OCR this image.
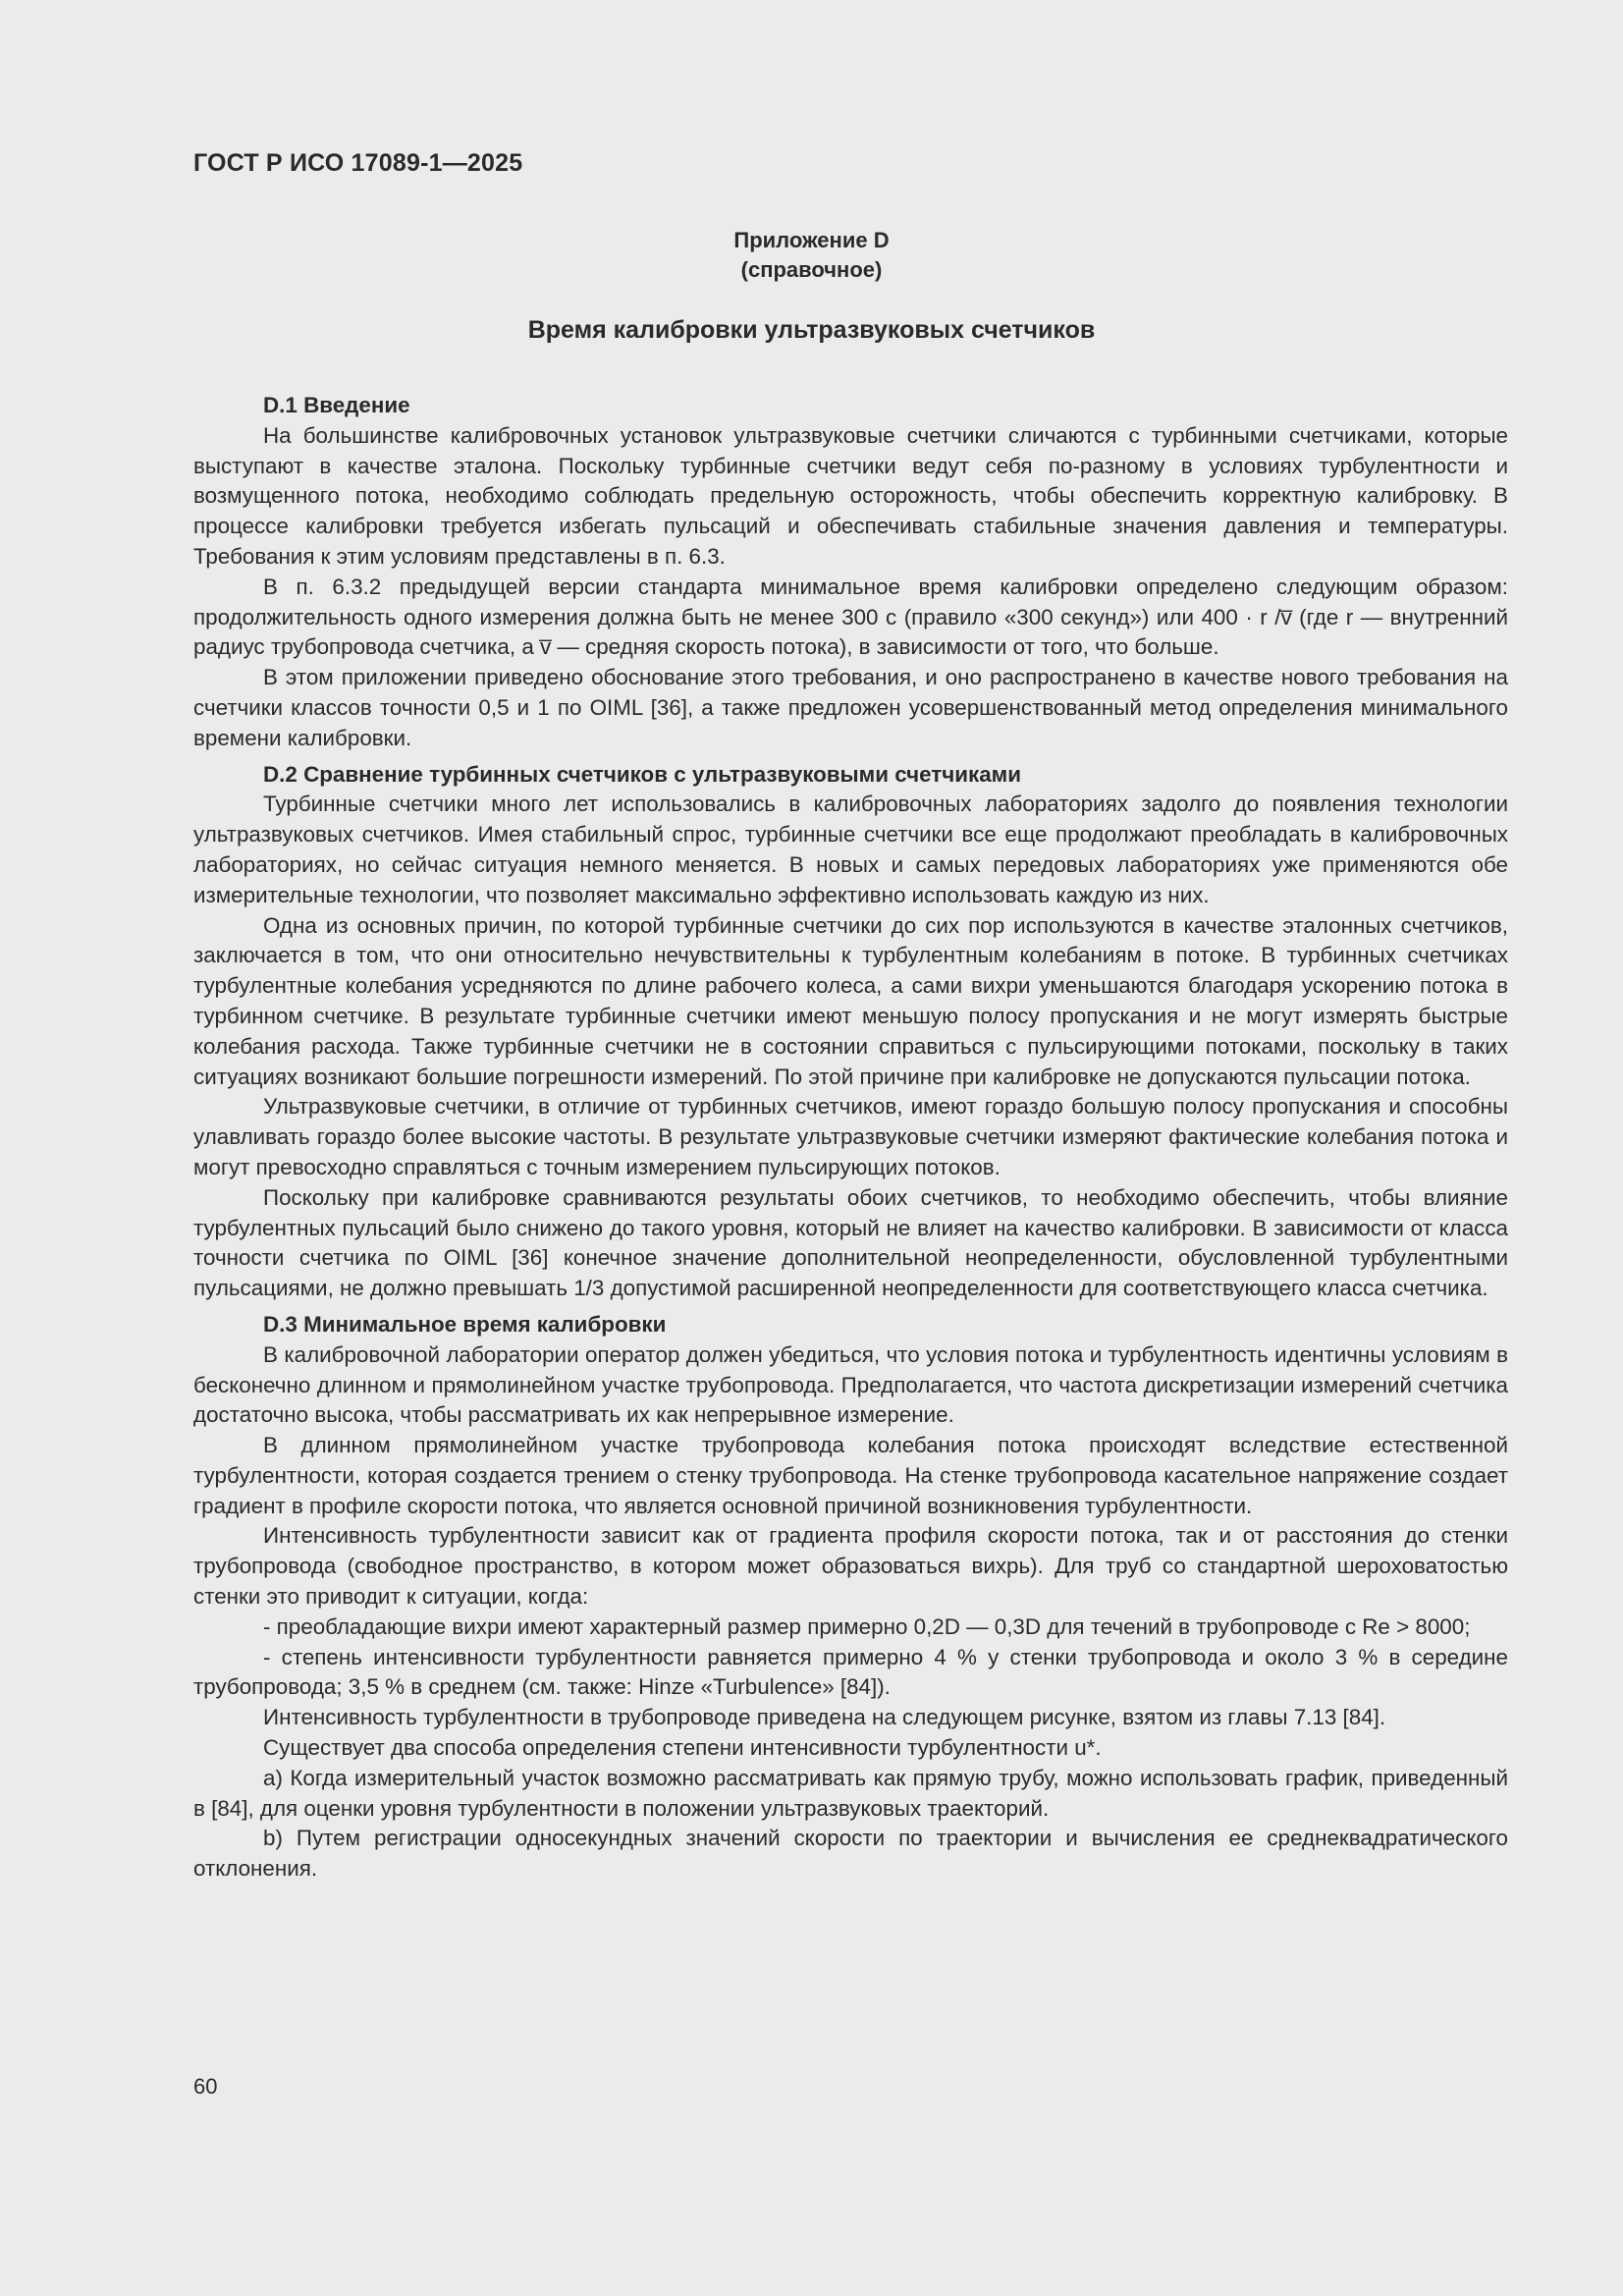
ГОСТ Р ИСО 17089-1—2025
Приложение D
(справочное)
Время калибровки ультразвуковых счетчиков
D.1 Введение

На большинстве калибровочных установок ультразвуковые счетчики сличаются с турбинными счетчиками, которые выступают в качестве эталона. Поскольку турбинные счетчики ведут себя по-разному в условиях турбулентности и возмущенного потока, необходимо соблюдать предельную осторожность, чтобы обеспечить корректную калибровку. В процессе калибровки требуется избегать пульсаций и обеспечивать стабильные значения давления и температуры. Требования к этим условиям представлены в п. 6.3.

В п. 6.3.2 предыдущей версии стандарта минимальное время калибровки определено следующим образом: продолжительность одного измерения должна быть не менее 300 с (правило «300 секунд») или 400 · r /v̅ (где r — внутренний радиус трубопровода счетчика, а v̅ — средняя скорость потока), в зависимости от того, что больше.

В этом приложении приведено обоснование этого требования, и оно распространено в качестве нового требования на счетчики классов точности 0,5 и 1 по OIML [36], а также предложен усовершенствованный метод определения минимального времени калибровки.

D.2 Сравнение турбинных счетчиков с ультразвуковыми счетчиками

Турбинные счетчики много лет использовались в калибровочных лабораториях задолго до появления технологии ультразвуковых счетчиков. Имея стабильный спрос, турбинные счетчики все еще продолжают преобладать в калибровочных лабораториях, но сейчас ситуация немного меняется. В новых и самых передовых лабораториях уже применяются обе измерительные технологии, что позволяет максимально эффективно использовать каждую из них.

Одна из основных причин, по которой турбинные счетчики до сих пор используются в качестве эталонных счетчиков, заключается в том, что они относительно нечувствительны к турбулентным колебаниям в потоке. В турбинных счетчиках турбулентные колебания усредняются по длине рабочего колеса, а сами вихри уменьшаются благодаря ускорению потока в турбинном счетчике. В результате турбинные счетчики имеют меньшую полосу пропускания и не могут измерять быстрые колебания расхода. Также турбинные счетчики не в состоянии справиться с пульсирующими потоками, поскольку в таких ситуациях возникают большие погрешности измерений. По этой причине при калибровке не допускаются пульсации потока.

Ультразвуковые счетчики, в отличие от турбинных счетчиков, имеют гораздо большую полосу пропускания и способны улавливать гораздо более высокие частоты. В результате ультразвуковые счетчики измеряют фактические колебания потока и могут превосходно справляться с точным измерением пульсирующих потоков.

Поскольку при калибровке сравниваются результаты обоих счетчиков, то необходимо обеспечить, чтобы влияние турбулентных пульсаций было снижено до такого уровня, который не влияет на качество калибровки. В зависимости от класса точности счетчика по OIML [36] конечное значение дополнительной неопределенности, обусловленной турбулентными пульсациями, не должно превышать 1/3 допустимой расширенной неопределенности для соответствующего класса счетчика.

D.3 Минимальное время калибровки

В калибровочной лаборатории оператор должен убедиться, что условия потока и турбулентность идентичны условиям в бесконечно длинном и прямолинейном участке трубопровода. Предполагается, что частота дискретизации измерений счетчика достаточно высока, чтобы рассматривать их как непрерывное измерение.

В длинном прямолинейном участке трубопровода колебания потока происходят вследствие естественной турбулентности, которая создается трением о стенку трубопровода. На стенке трубопровода касательное напряжение создает градиент в профиле скорости потока, что является основной причиной возникновения турбулентности.

Интенсивность турбулентности зависит как от градиента профиля скорости потока, так и от расстояния до стенки трубопровода (свободное пространство, в котором может образоваться вихрь). Для труб со стандартной шероховатостью стенки это приводит к ситуации, когда:

- преобладающие вихри имеют характерный размер примерно 0,2D — 0,3D для течений в трубопроводе с Re > 8000;

- степень интенсивности турбулентности равняется примерно 4 % у стенки трубопровода и около 3 % в середине трубопровода; 3,5 % в среднем (см. также: Hinze «Turbulence» [84]).

Интенсивность турбулентности в трубопроводе приведена на следующем рисунке, взятом из главы 7.13 [84].

Существует два способа определения степени интенсивности турбулентности u*.

a) Когда измерительный участок возможно рассматривать как прямую трубу, можно использовать график, приведенный в [84], для оценки уровня турбулентности в положении ультразвуковых траекторий.

b) Путем регистрации односекундных значений скорости по траектории и вычисления ее среднеквадратического отклонения.

60
